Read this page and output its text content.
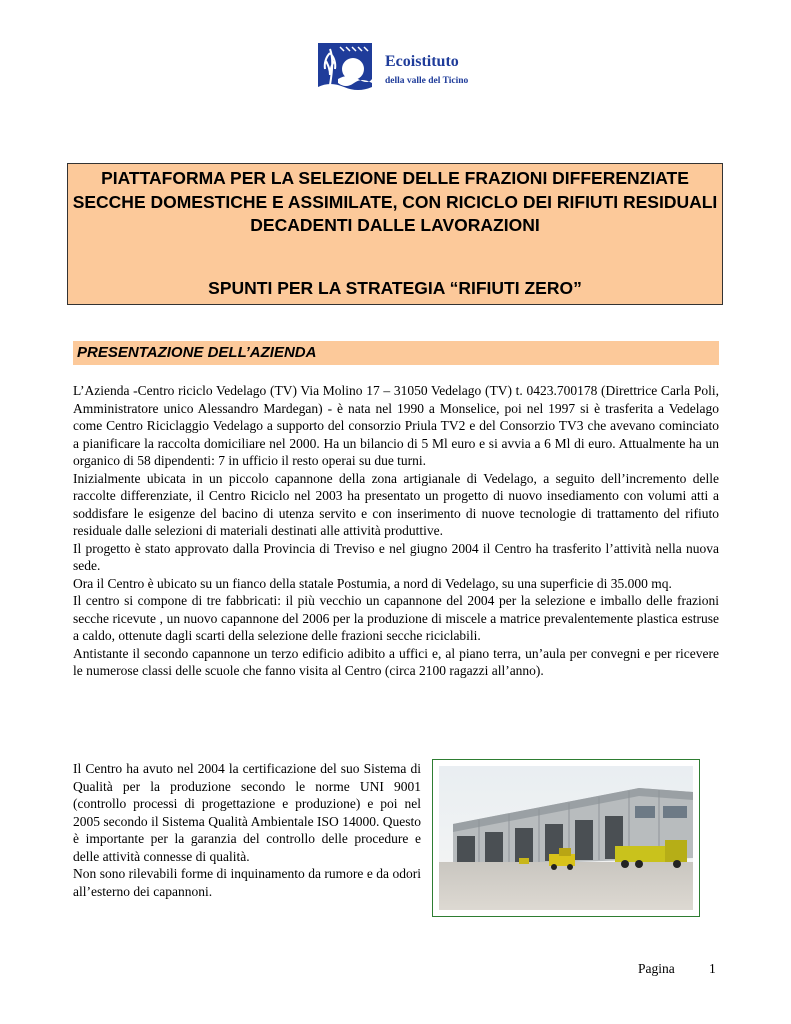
Ecoistituto
della valle del Ticino

PIATTAFORMA PER LA SELEZIONE DELLE FRAZIONI DIFFERENZIATE SECCHE DOMESTICHE E ASSIMILATE, CON RICICLO DEI RIFIUTI RESIDUALI DECADENTI DALLE LAVORAZIONI

SPUNTI PER LA STRATEGIA “RIFIUTI ZERO”

PRESENTAZIONE DELL’AZIENDA

L’Azienda -Centro riciclo Vedelago (TV) Via Molino 17 – 31050 Vedelago (TV) t. 0423.700178 (Direttrice Carla Poli, Amministratore unico Alessandro Mardegan) - è nata nel 1990 a Monselice, poi nel 1997 si è trasferita a Vedelago come Centro Riciclaggio Vedelago a supporto del consorzio Priula TV2 e del Consorzio TV3 che avevano cominciato a pianificare la raccolta domiciliare nel 2000. Ha un bilancio di 5 Ml euro e si avvia a 6 Ml di euro. Attualmente ha un organico di 58 dipendenti: 7 in ufficio il resto operai su due turni.

Inizialmente ubicata in un piccolo capannone della zona artigianale di Vedelago, a seguito dell’incremento delle raccolte differenziate, il Centro Riciclo nel 2003 ha presentato un progetto di nuovo insediamento con volumi atti a soddisfare le esigenze del bacino di utenza servito e con inserimento di nuove tecnologie di trattamento del rifiuto residuale dalle selezioni di materiali destinati alle attività produttive.

Il progetto è stato approvato dalla Provincia di Treviso e nel giugno 2004 il Centro ha trasferito l’attività nella nuova sede.

Ora il Centro è ubicato su un fianco della statale Postumia, a nord di Vedelago, su una superficie di 35.000 mq.

Il centro si compone di tre fabbricati: il più vecchio un capannone del 2004 per la selezione e imballo delle frazioni secche ricevute , un nuovo capannone del 2006 per la produzione di miscele a matrice prevalentemente plastica estruse a caldo, ottenute dagli scarti della selezione delle frazioni secche riciclabili.

Antistante il secondo capannone un terzo edificio adibito a uffici e, al piano terra, un’aula per convegni e per ricevere le numerose classi delle scuole che fanno visita al Centro (circa 2100 ragazzi all’anno).

Il Centro ha avuto nel 2004 la certificazione del suo Sistema di Qualità per la produzione secondo le norme UNI 9001 (controllo processi di progettazione e produzione) e poi nel 2005 secondo il Sistema Qualità Ambientale ISO 14000. Questo è importante per la garanzia del controllo delle procedure e delle attività connesse di qualità.

Non sono rilevabili forme di inquinamento da rumore e da odori all’esterno dei capannoni.

Pagina	1
